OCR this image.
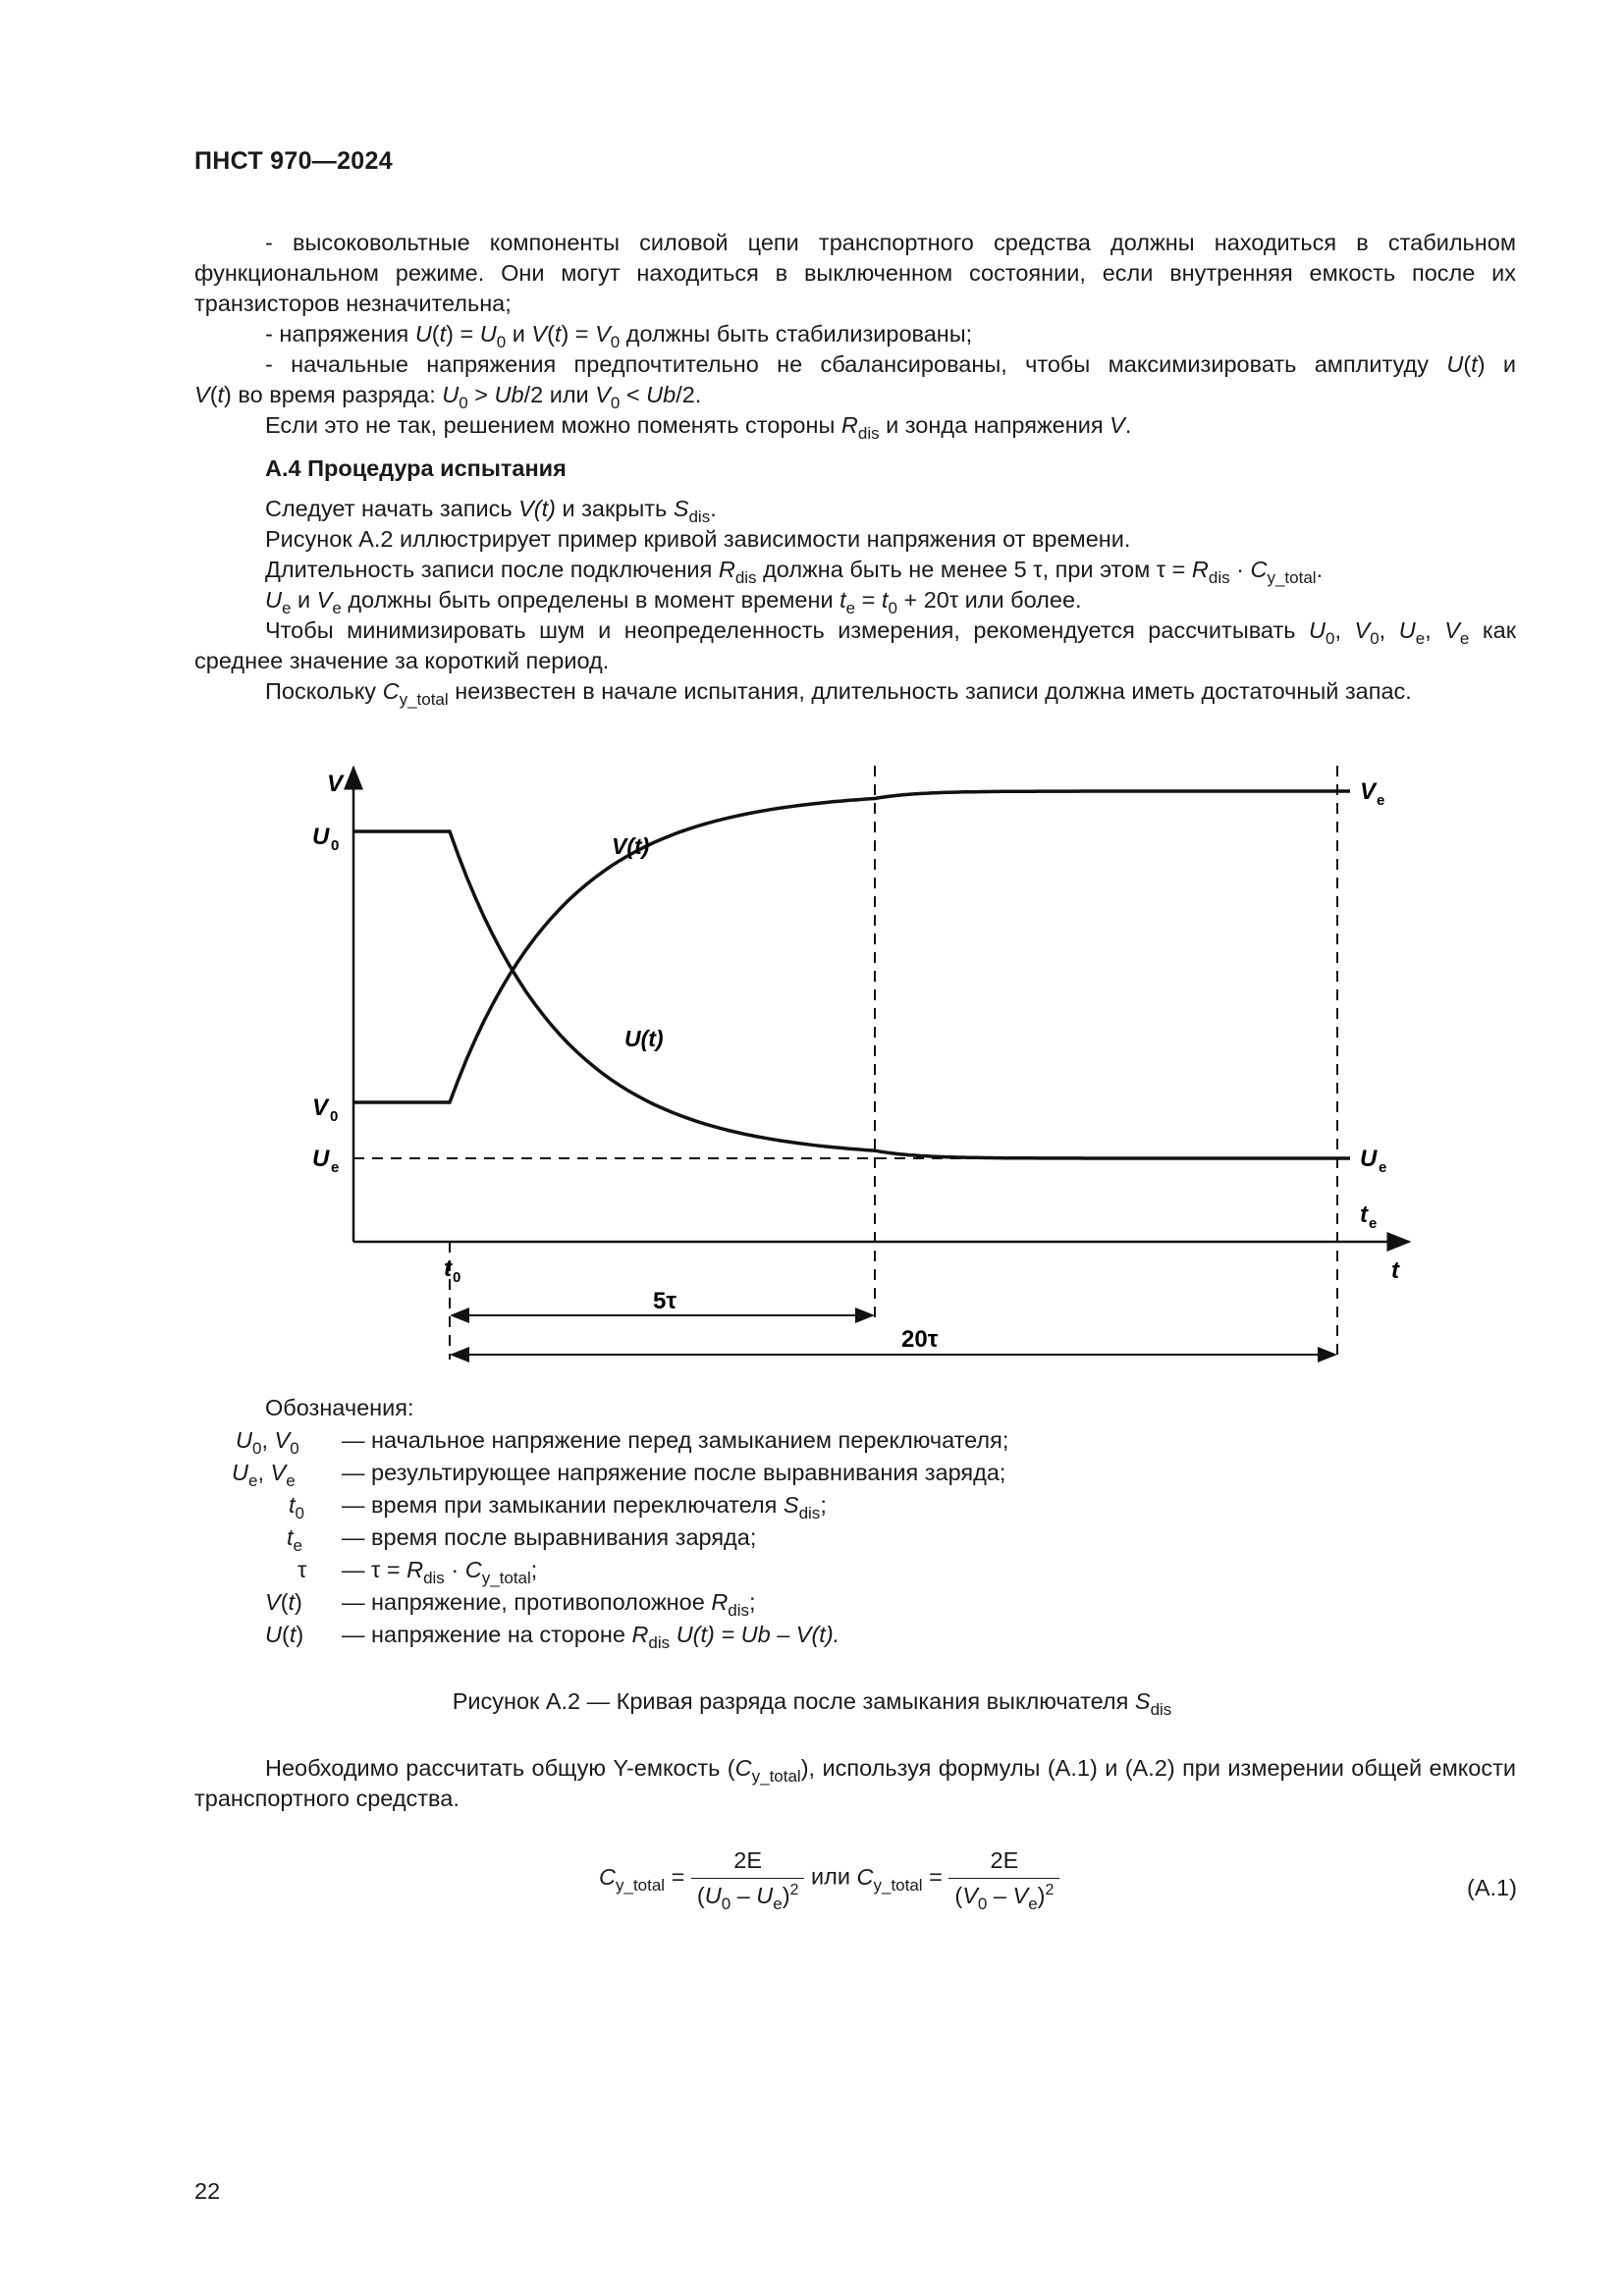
ПНСТ 970—2024

- высоковольтные компоненты силовой цепи транспортного средства должны находиться в стабильном функциональном режиме. Они могут находиться в выключенном состоянии, если внутренняя емкость после их транзисторов незначительна;

- напряжения $U(t) = U_0$ и $V(t) = V_0$ должны быть стабилизированы;

- начальные напряжения предпочтительно не сбалансированы, чтобы максимизировать амплитуду U(t) и

V(t) во время разряда: $U_0 > Ub/2$ или $V_0 < Ub/2$.

Если это не так, решением можно поменять стороны $R_{dis}$ и зонда напряжения V.

А.4 Процедура испытания

Следует начать запись V(t) и закрыть $S_{dis}$.

Рисунок А.2 иллюстрирует пример кривой зависимости напряжения от времени.

Длительность записи после подключения $R_{dis}$ должна быть не менее 5 τ, при этом $\tau = R_{dis} \cdot C_{y\_total}$.

$U_e$ и $V_e$ должны быть определены в момент времени $t_e = t_0 + 20\tau$ или более.

Чтобы минимизировать шум и неопределенность измерения, рекомендуется рассчитывать $U_0$, $V_0$, $U_e$, $V_e$ как

среднее значение за короткий период.

Поскольку $C_{y\_total}$ неизвестен в начале испытания, длительность записи должна иметь достаточный запас.

V
t
U 0
V 0
U e
V(t)
U(t)
V e
U e
t 0
t e
5τ
20τ
Обозначения:
$U_0$, $V_0$ — начальное напряжение перед замыканием переключателя;
$U_e$, $V_e$ — результирующее напряжение после выравнивания заряда;
$t_0$ — время при замыкании переключателя $S_{dis}$;
$t_e$ — время после выравнивания заряда;
τ — $\tau = R_{dis} \cdot C_{y\_total}$;
V(t) — напряжение, противоположное $R_{dis}$;
U(t) — напряжение на стороне $R_{dis}$ U(t) = Ub – V(t).
Рисунок А.2 — Кривая разряда после замыкания выключателя $S_{dis}$

Необходимо рассчитать общую Y-емкость $(C_{y\_total})$, используя формулы (А.1) и (А.2) при измерении общей емкости транспортного средства.

$C_{y\_total} = \frac{2E}{(U_0 - U_e)^2}$ или $C_{y\_total} = \frac{2E}{(V_0 - V_e)^2}$	(А.1)
22
